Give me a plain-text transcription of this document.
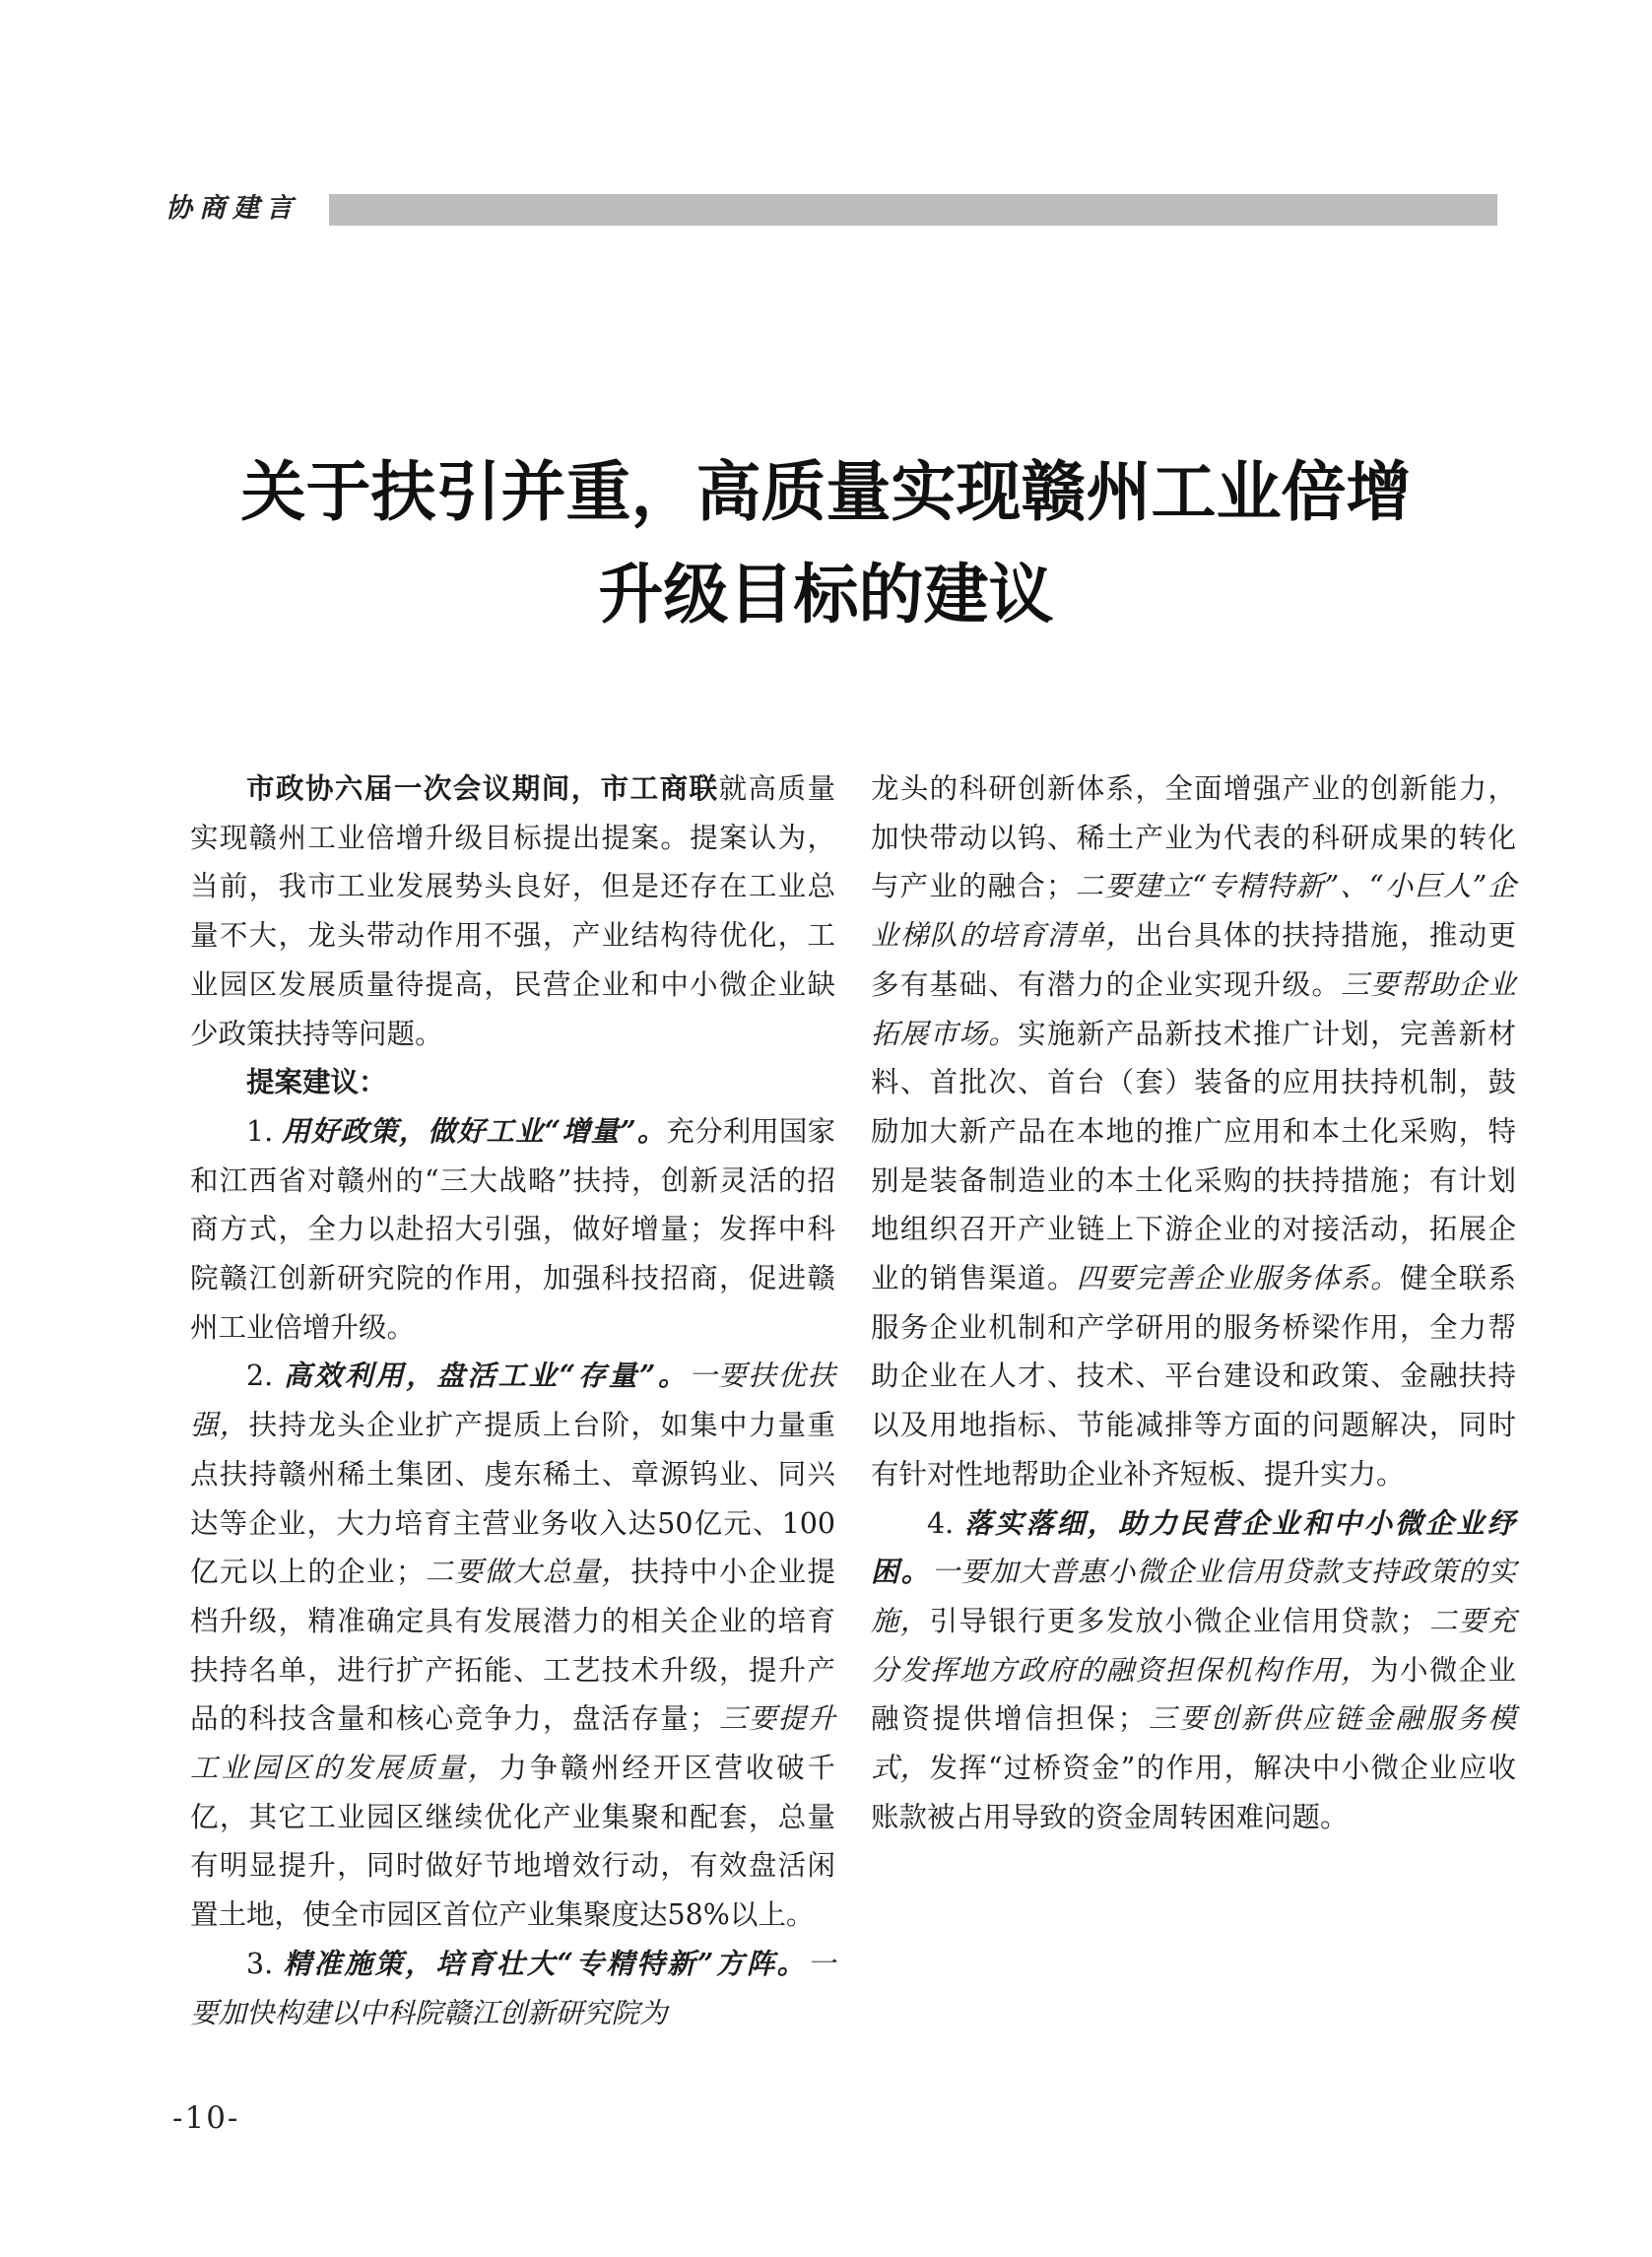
协商建言
关于扶引并重，高质量实现赣州工业倍增
升级目标的建议

市政协六届一次会议期间，市工商联就高质量实现赣州工业倍增升级目标提出提案。提案认为，当前，我市工业发展势头良好，但是还存在工业总量不大，龙头带动作用不强，产业结构待优化，工业园区发展质量待提高，民营企业和中小微企业缺少政策扶持等问题。

提案建议：

1. 用好政策，做好工业“增量”。充分利用国家和江西省对赣州的“三大战略”扶持，创新灵活的招商方式，全力以赴招大引强，做好增量；发挥中科院赣江创新研究院的作用，加强科技招商，促进赣州工业倍增升级。

2. 高效利用，盘活工业“存量”。一要扶优扶强，扶持龙头企业扩产提质上台阶，如集中力量重点扶持赣州稀土集团、虔东稀土、章源钨业、同兴达等企业，大力培育主营业务收入达50亿元、100亿元以上的企业；二要做大总量，扶持中小企业提档升级，精准确定具有发展潜力的相关企业的培育扶持名单，进行扩产拓能、工艺技术升级，提升产品的科技含量和核心竞争力，盘活存量；三要提升工业园区的发展质量，力争赣州经开区营收破千亿，其它工业园区继续优化产业集聚和配套，总量有明显提升，同时做好节地增效行动，有效盘活闲置土地，使全市园区首位产业集聚度达58%以上。

3. 精准施策，培育壮大“专精特新”方阵。一要加快构建以中科院赣江创新研究院为

龙头的科研创新体系，全面增强产业的创新能力，加快带动以钨、稀土产业为代表的科研成果的转化与产业的融合；二要建立“专精特新”、“小巨人”企业梯队的培育清单，出台具体的扶持措施，推动更多有基础、有潜力的企业实现升级。三要帮助企业拓展市场。实施新产品新技术推广计划，完善新材料、首批次、首台（套）装备的应用扶持机制，鼓励加大新产品在本地的推广应用和本土化采购，特别是装备制造业的本土化采购的扶持措施；有计划地组织召开产业链上下游企业的对接活动，拓展企业的销售渠道。四要完善企业服务体系。健全联系服务企业机制和产学研用的服务桥梁作用，全力帮助企业在人才、技术、平台建设和政策、金融扶持以及用地指标、节能减排等方面的问题解决，同时有针对性地帮助企业补齐短板、提升实力。

4. 落实落细，助力民营企业和中小微企业纾困。一要加大普惠小微企业信用贷款支持政策的实施，引导银行更多发放小微企业信用贷款；二要充分发挥地方政府的融资担保机构作用，为小微企业融资提供增信担保；三要创新供应链金融服务模式，发挥“过桥资金”的作用，解决中小微企业应收账款被占用导致的资金周转困难问题。

-10-
